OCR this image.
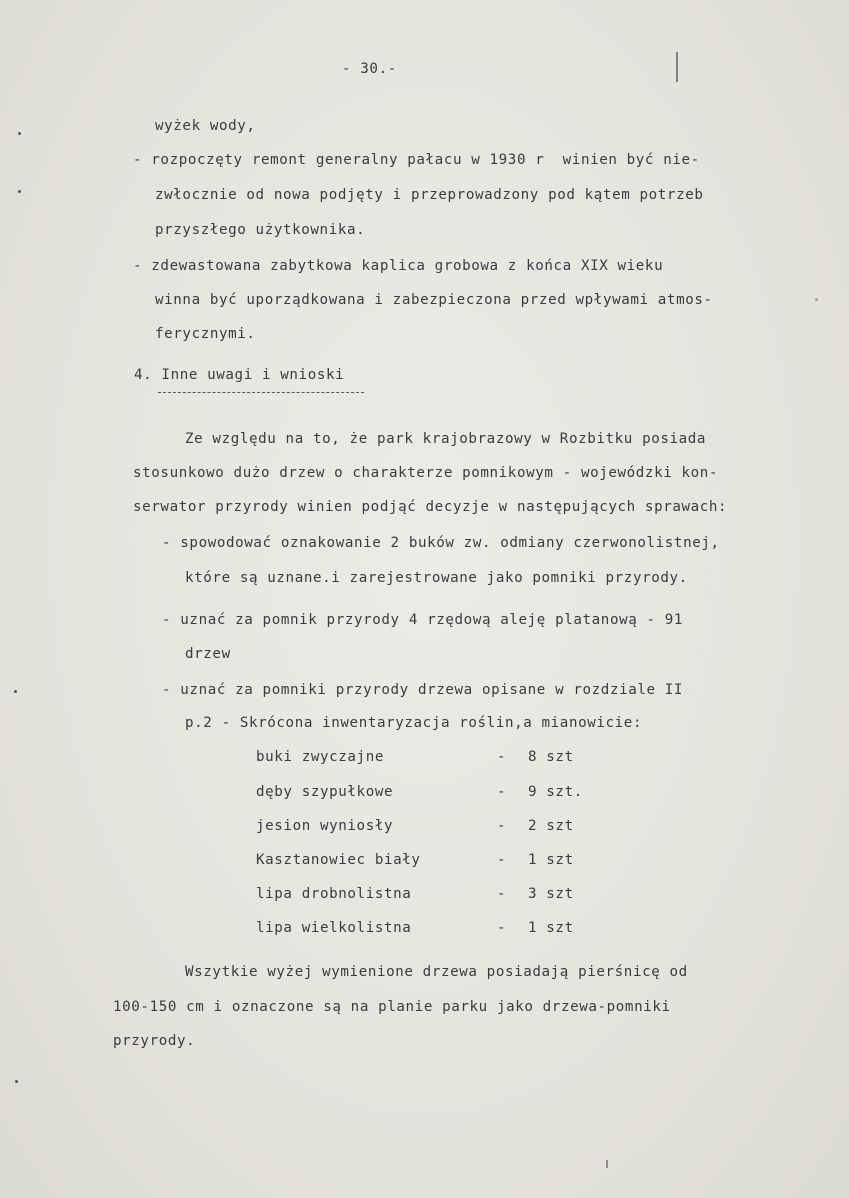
- 30.-
wyżek wody,
- rozpoczęty remont generalny pałacu w 1930 r  winien być nie-
zwłocznie od nowa podjęty i przeprowadzony pod kątem potrzeb
przyszłego użytkownika.
- zdewastowana zabytkowa kaplica grobowa z końca XIX wieku
winna być uporządkowana i zabezpieczona przed wpływami atmos-
ferycznymi.
4. Inne uwagi i wnioski
Ze względu na to, że park krajobrazowy w Rozbitku posiada
stosunkowo dużo drzew o charakterze pomnikowym - wojewódzki kon-
serwator przyrody winien podjąć decyzje w następujących sprawach:
- spowodować oznakowanie 2 buków zw. odmiany czerwonolistnej,
które są uznane.i zarejestrowane jako pomniki przyrody.
- uznać za pomnik przyrody 4 rzędową aleję platanową - 91
drzew
- uznać za pomniki przyrody drzewa opisane w rozdziale II
p.2 - Skrócona inwentaryzacja roślin,a mianowicie:
buki zwyczajne	- 8 szt
dęby szypułkowe	- 9 szt.
jesion wyniosły	- 2 szt
Kasztanowiec biały	- 1 szt
lipa drobnolistna	- 3 szt
lipa wielkolistna	- 1 szt
Wszytkie wyżej wymienione drzewa posiadają pierśnicę od
100-150 cm i oznaczone są na planie parku jako drzewa-pomniki
przyrody.
